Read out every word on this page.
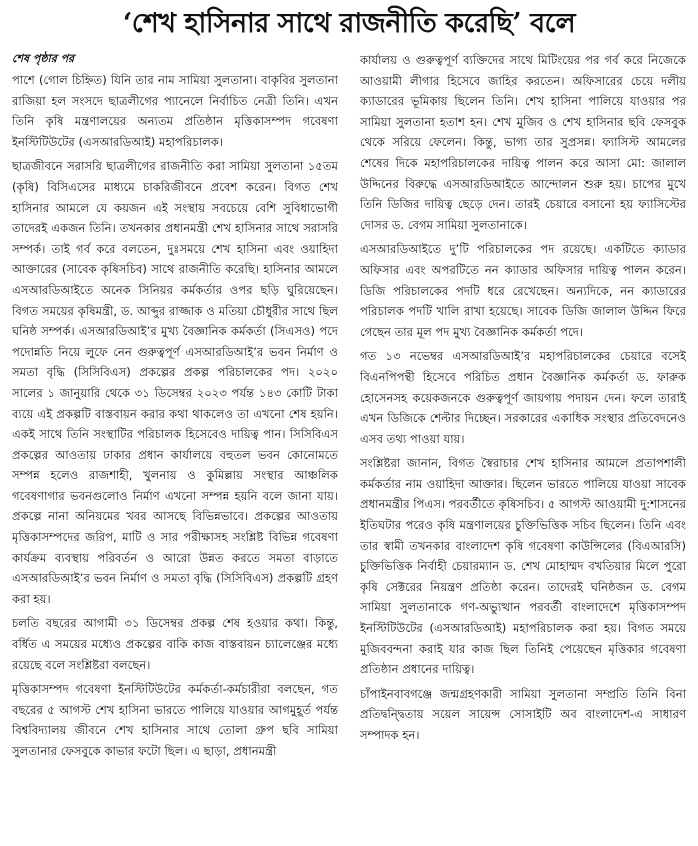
‘শেখ হাসিনার সাথে রাজনীতি করেছি’ বলে
শেষ পৃষ্ঠার পর

পাশে (গোল চিহ্নিত) যিনি তার নাম সামিয়া সুলতানা। বাকৃবির সুলতানা রাজিয়া হল সংসদে ছাত্রলীগের প্যানেলে নির্বাচিত নেত্রী তিনি। এখন তিনি কৃষি মন্ত্রণালয়ের অন্যতম প্রতিষ্ঠান মৃত্তিকাসম্পদ গবেষণা ইনস্টিটিউটের (এসআরডিআই) মহাপরিচালক।

ছাত্রজীবনে সরাসরি ছাত্রলীগের রাজনীতি করা সামিয়া সুলতানা ১৫তম (কৃষি) বিসিএসের মাধ্যমে চাকরিজীবনে প্রবেশ করেন। বিগত শেখ হাসিনার আমলে যে কয়জন এই সংস্থায় সবচেয়ে বেশি সুবিধাভোগী তাদেরই একজন তিনি। তখনকার প্রধানমন্ত্রী শেখ হাসিনার সাথে সরাসরি সম্পর্ক। তাই গর্ব করে বলতেন, দুঃসময়ে শেখ হাসিনা এবং ওয়াহিদা আক্তারের (সাবেক কৃষিসচিব) সাথে রাজনীতি করেছি। হাসিনার আমলে এসআরডিআইতে অনেক সিনিয়র কর্মকর্তার ওপর ছড়ি ঘুরিয়েছেন। বিগত সময়ের কৃষিমন্ত্রী, ড. আব্দুর রাজ্জাক ও মতিয়া চৌধুরীর সাথে ছিল ঘনিষ্ঠ সম্পর্ক। এসআরডিআই’র মুখ্য বৈজ্ঞানিক কর্মকর্তা (সিএসও) পদে পদোন্নতি নিয়ে লুফে নেন গুরুত্বপূর্ণ এসআরডিআই’র ভবন নির্মাণ ও সমতা বৃদ্ধি (সিসিবিএস) প্রকল্পের প্রকল্প পরিচালকের পদ। ২০২০ সালের ১ জানুয়ারি থেকে ৩১ ডিসেম্বর ২০২৩ পর্যন্ত ১৪৩ কোটি টাকা ব্যয়ে এই প্রকল্পটি বাস্তবায়ন করার কথা থাকলেও তা এখনো শেষ হয়নি। একই সাথে তিনি সংস্থাটির পরিচালক হিসেবেও দায়িত্ব পান। সিসিবিএস প্রকল্পের আওতায় ঢাকার প্রধান কার্যালয়ে বহুতল ভবন কোনোমতে সম্পন্ন হলেও রাজশাহী, খুলনায় ও কুমিল্লায় সংস্থার আঞ্চলিক গবেষণাগার ভবনগুলোও নির্মাণ এখনো সম্পন্ন হয়নি বলে জানা যায়। প্রকল্পে নানা অনিয়মের খবর আসছে বিভিন্নভাবে। প্রকল্পের আওতায় মৃত্তিকাসম্পদের জরিপ, মাটি ও সার পরীক্ষাসহ সংশ্লিষ্ট বিভিন্ন গবেষণা কার্যক্রম ব্যবস্থায় পরিবর্তন ও আরো উন্নত করতে সমতা বাড়াতে এসআরডিআই’র ভবন নির্মাণ ও সমতা বৃদ্ধি (সিসিবিএস) প্রকল্পটি গ্রহণ করা হয়।

চলতি বছরের আগামী ৩১ ডিসেম্বর প্রকল্প শেষ হওয়ার কথা। কিন্তু, বর্ধিত এ সময়ের মধ্যেও প্রকল্পের বাকি কাজ বাস্তবায়ন চ্যালেঞ্জের মধ্যে রয়েছে বলে সংশ্লিষ্টরা বলছেন।

মৃত্তিকাসম্পদ গবেষণা ইনস্টিটিউটের কর্মকর্তা-কর্মচারীরা বলছেন, গত বছরের ৫ আগস্ট শেখ হাসিনা ভারতে পালিয়ে যাওয়ার আগমুহূর্ত পর্যন্ত বিশ্ববিদ্যালয় জীবনে শেখ হাসিনার সাথে তোলা গ্রুপ ছবি সামিয়া সুলতানার ফেসবুকে কাভার ফটো ছিল। এ ছাড়া, প্রধানমন্ত্রী

কার্যালয় ও গুরুত্বপূর্ণ ব্যক্তিদের সাথে মিটিংয়ের পর গর্ব করে নিজেকে আওয়ামী লীগার হিসেবে জাহির করতেন। অফিসারের চেয়ে দলীয় ক্যাডারের ভূমিকায় ছিলেন তিনি। শেখ হাসিনা পালিয়ে যাওয়ার পর সামিয়া সুলতানা হতাশ হন। শেখ মুজিব ও শেখ হাসিনার ছবি ফেসবুক থেকে সরিয়ে ফেলেন। কিন্তু, ভাগ্য তার সুপ্রসন্ন। ফ্যাসিস্ট আমলের শেষের দিকে মহাপরিচালকের দায়িত্ব পালন করে আসা মো: জালাল উদ্দিনের বিরুদ্ধে এসআরডিআইতে আন্দোলন শুরু হয়। চাপের মুখে তিনি ডিজির দায়িত্ব ছেড়ে দেন। তারই চেয়ারে বসানো হয় ফ্যাসিস্টের দোসর ড. বেগম সামিয়া সুলতানাকে।

এসআরডিআইতে দু’টি পরিচালকের পদ রয়েছে। একটিতে ক্যাডার অফিসার এবং অপরটিতে নন ক্যাডার অফিসার দায়িত্ব পালন করেন। ডিজি পরিচালকের পদটি ধরে রেখেছেন। অন্যদিকে, নন ক্যাডারের পরিচালক পদটি খালি রাখা হয়েছে। সাবেক ডিজি জালাল উদ্দিন ফিরে গেছেন তার মূল পদ মুখ্য বৈজ্ঞানিক কর্মকর্তা পদে।

গত ১৩ নভেম্বর এসআরডিআই’র মহাপরিচালকের চেয়ারে বসেই বিএনপিপন্থী হিসেবে পরিচিত প্রধান বৈজ্ঞানিক কর্মকর্তা ড. ফারুক হোসেনসহ কয়েকজনকে গুরুত্বপূর্ণ জায়গায় পদায়ন দেন। ফলে তারাই এখন ডিজিকে শেল্টার দিচ্ছেন। সরকারের একাধিক সংস্থার প্রতিবেদনেও এসব তথ্য পাওয়া যায়।

সংশ্লিষ্টরা জানান, বিগত স্বৈরাচার শেখ হাসিনার আমলে প্রতাপশালী কর্মকর্তার নাম ওয়াহিদা আক্তার। ছিলেন ভারতে পালিয়ে যাওয়া সাবেক প্রধানমন্ত্রীর পিএস। পরবর্তীতে কৃষিসচিব। ৫ আগস্ট আওয়ামী দু:শাসনের ইতিঘটার পরেও কৃষি মন্ত্রণালয়ের চুক্তিভিত্তিক সচিব ছিলেন। তিনি এবং তার স্বামী তখনকার বাংলাদেশ কৃষি গবেষণা কাউন্সিলের (বিএআরসি) চুক্তিভিত্তিক নির্বাহী চেয়ারম্যান ড. শেখ মোহাম্মদ বখতিয়ার মিলে পুরো কৃষি সেক্টরের নিয়ন্ত্রণ প্রতিষ্ঠা করেন। তাদেরই ঘনিষ্ঠজন ড. বেগম সামিয়া সুলতানাকে গণ-অভ্যুত্থান পরবর্তী বাংলাদেশে মৃত্তিকাসম্পদ ইনস্টিটিউটের (এসআরডিআই) মহাপরিচালক করা হয়। বিগত সময়ে মুজিববন্দনা করাই যার কাজ ছিল তিনিই পেয়েছেন মৃত্তিকার গবেষণা প্রতিষ্ঠান প্রধানের দায়িত্ব।

চাঁপাইনবাবগঞ্জে জন্মগ্রহণকারী সামিয়া সুলতানা সম্প্রতি তিনি বিনা প্রতিদ্বন্দ্বিতায় সয়েল সায়েন্স সোসাইটি অব বাংলাদেশ-এ সাধারণ সম্পাদক হন।
